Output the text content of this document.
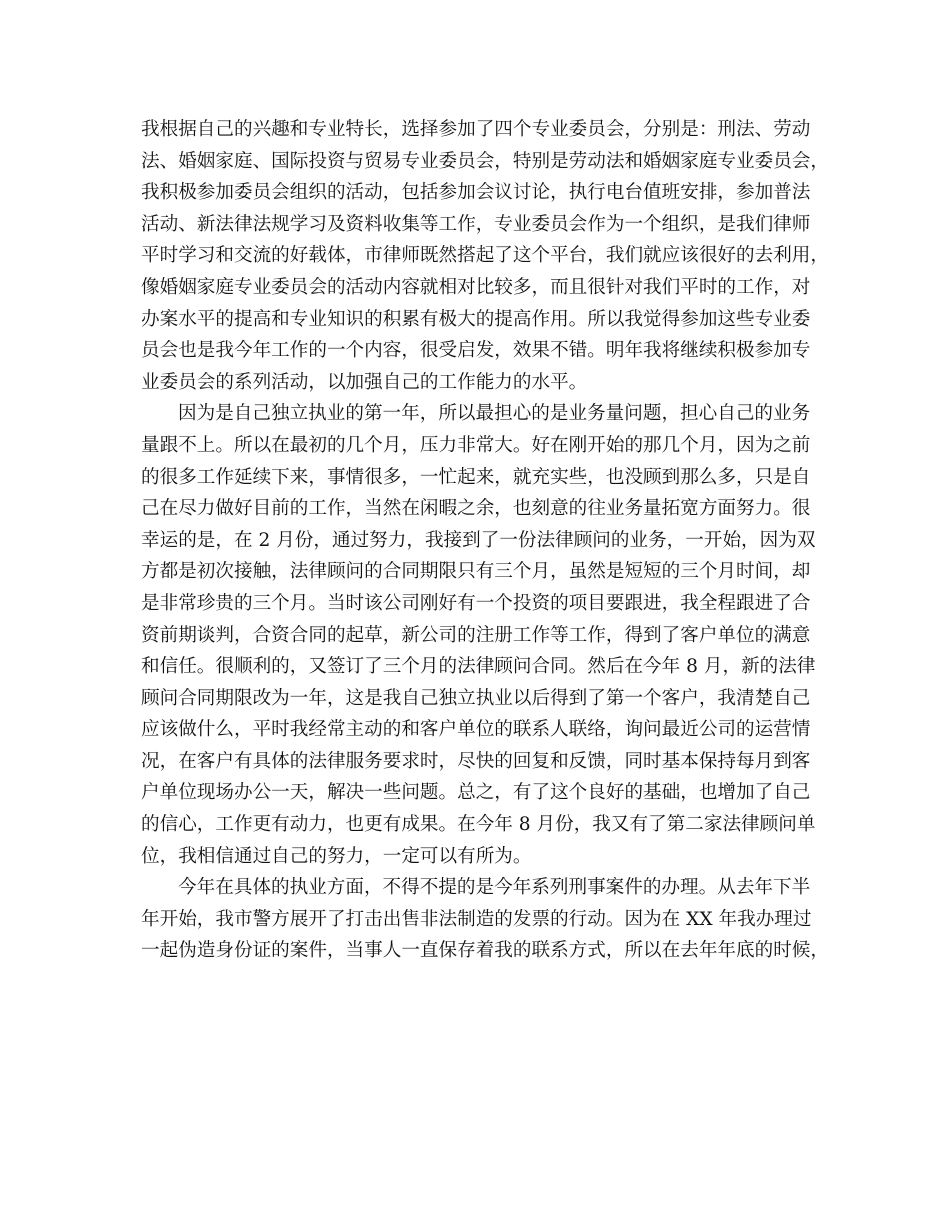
我根据自己的兴趣和专业特长，选择参加了四个专业委员会，分别是：刑法、劳动
法、婚姻家庭、国际投资与贸易专业委员会，特别是劳动法和婚姻家庭专业委员会，
我积极参加委员会组织的活动，包括参加会议讨论，执行电台值班安排，参加普法
活动、新法律法规学习及资料收集等工作，专业委员会作为一个组织，是我们律师
平时学习和交流的好载体，市律师既然搭起了这个平台，我们就应该很好的去利用，
像婚姻家庭专业委员会的活动内容就相对比较多，而且很针对我们平时的工作，对
办案水平的提高和专业知识的积累有极大的提高作用。所以我觉得参加这些专业委
员会也是我今年工作的一个内容，很受启发，效果不错。明年我将继续积极参加专
业委员会的系列活动，以加强自己的工作能力的水平。
因为是自己独立执业的第一年，所以最担心的是业务量问题，担心自己的业务
量跟不上。所以在最初的几个月，压力非常大。好在刚开始的那几个月，因为之前
的很多工作延续下来，事情很多，一忙起来，就充实些，也没顾到那么多，只是自
己在尽力做好目前的工作，当然在闲暇之余，也刻意的往业务量拓宽方面努力。很
幸运的是，在 2 月份，通过努力，我接到了一份法律顾问的业务，一开始，因为双
方都是初次接触，法律顾问的合同期限只有三个月，虽然是短短的三个月时间，却
是非常珍贵的三个月。当时该公司刚好有一个投资的项目要跟进，我全程跟进了合
资前期谈判，合资合同的起草，新公司的注册工作等工作，得到了客户单位的满意
和信任。很顺利的，又签订了三个月的法律顾问合同。然后在今年 8 月，新的法律
顾问合同期限改为一年，这是我自己独立执业以后得到了第一个客户，我清楚自己
应该做什么，平时我经常主动的和客户单位的联系人联络，询问最近公司的运营情
况，在客户有具体的法律服务要求时，尽快的回复和反馈，同时基本保持每月到客
户单位现场办公一天，解决一些问题。总之，有了这个良好的基础，也增加了自己
的信心，工作更有动力，也更有成果。在今年 8 月份，我又有了第二家法律顾问单
位，我相信通过自己的努力，一定可以有所为。
今年在具体的执业方面，不得不提的是今年系列刑事案件的办理。从去年下半
年开始，我市警方展开了打击出售非法制造的发票的行动。因为在 XX 年我办理过
一起伪造身份证的案件，当事人一直保存着我的联系方式，所以在去年年底的时候，
